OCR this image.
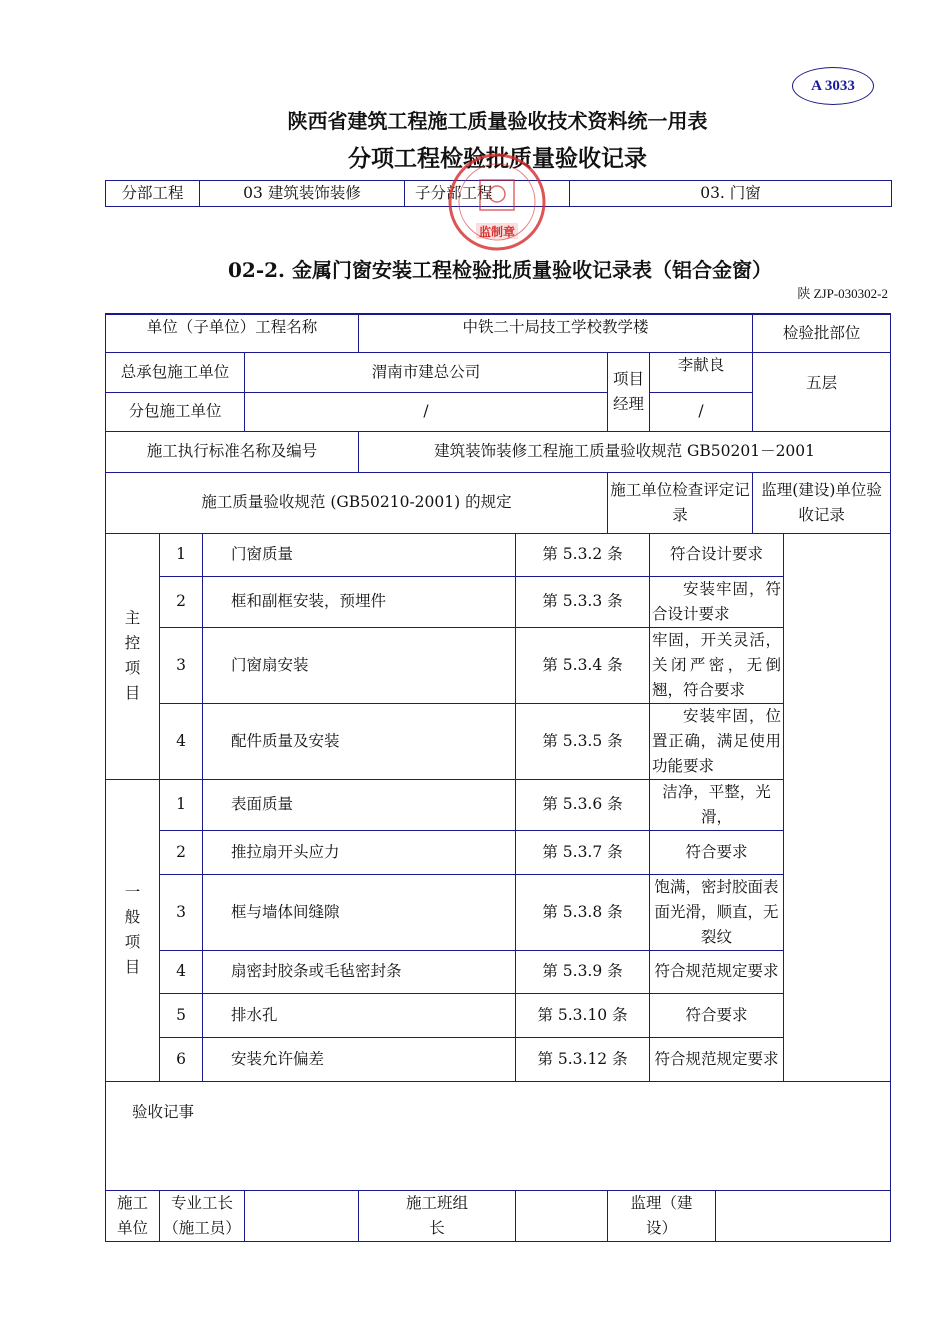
A 3033
陕西省建筑工程施工质量验收技术资料统一用表
分项工程检验批质量验收记录
分部工程	03 建筑装饰装修	子分部工程	03. 门窗
监制章
02-2. 金属门窗安装工程检验批质量验收记录表（铝合金窗）
陕 ZJP-030302-2
单位（子单位）工程名称				中铁二十局技工学校教学楼					检验批部位	
总承包施工单位			渭南市建总公司			项目经理	李献良		五层	
分包施工单位			/				/			
施工执行标准名称及编号				建筑装饰装修工程施工质量验收规范 GB50201－2001						
施工质量验收规范 (GB50210-2001) 的规定						施工单位检查评定记录			监理(建设)单位验收记录	

主控项目	1	门窗质量			第 5.3.2 条		符合设计要求			
	2	框和副框安装，预埋件			第 5.3.3 条		安装牢固，符合设计要求			
	3	门窗扇安装			第 5.3.4 条		牢固，开关灵活，关闭严密，无倒翘，符合要求			
	4	配件质量及安装			第 5.3.5 条		安装牢固，位置正确，满足使用功能要求			

一般项目	1	表面质量			第 5.3.6 条		洁净，平整，光滑，			
	2	推拉扇开头应力			第 5.3.7 条		符合要求			
	3	框与墙体间缝隙			第 5.3.8 条		饱满，密封胶面表面光滑，顺直，无裂纹			
	4	扇密封胶条或毛毡密封条			第 5.3.9 条		符合规范规定要求			
	5	排水孔			第 5.3.10 条		符合要求			
	6	安装允许偏差			第 5.3.12 条		符合规范规定要求			
验收记事										

施工单位	专业工长（施工员）			施工班组 长		监理（建设）				
